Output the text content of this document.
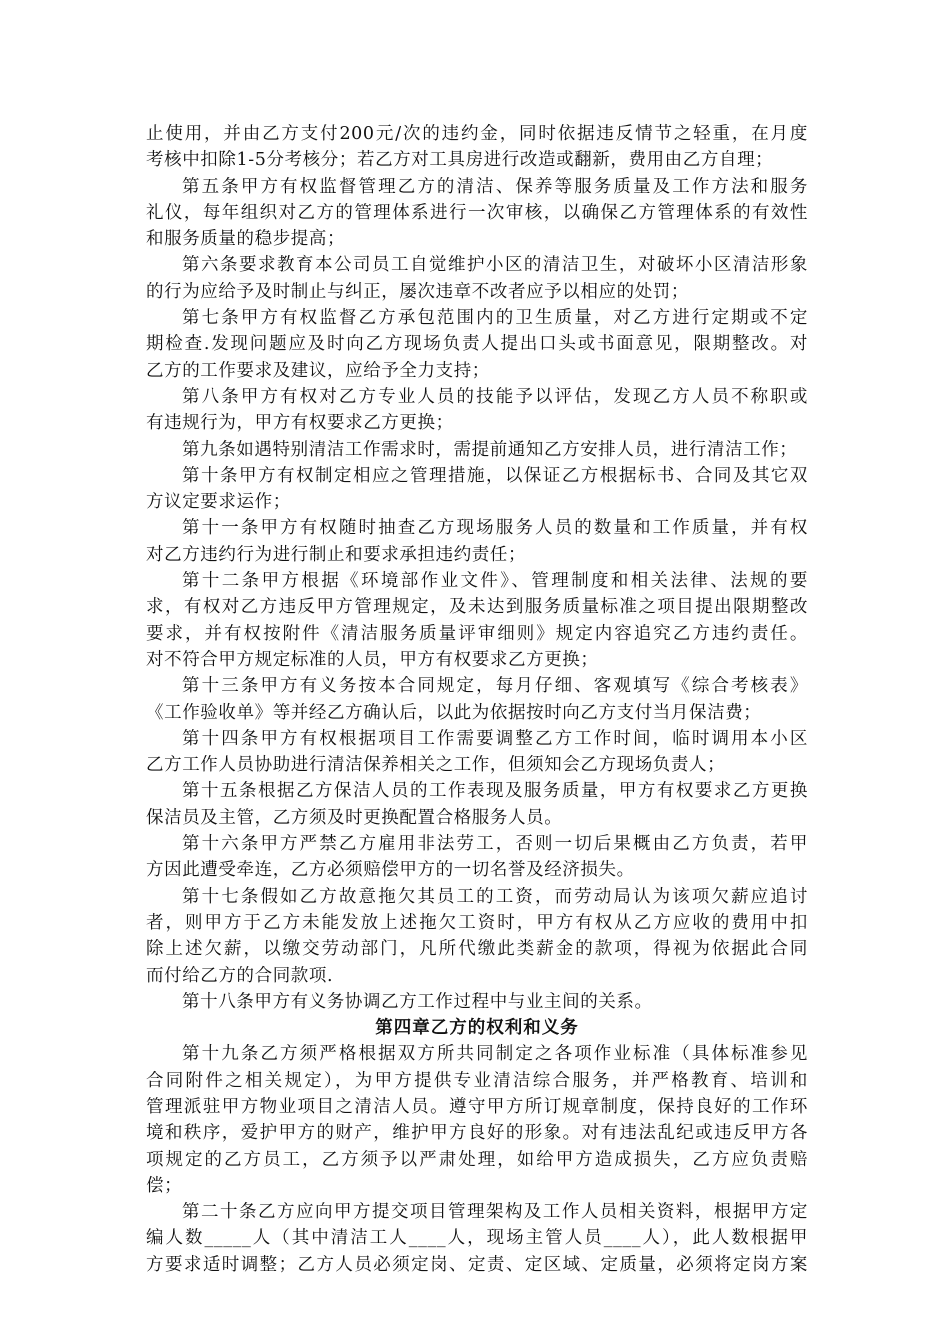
止使用，并由乙方支付200元/次的违约金，同时依据违反情节之轻重，在月度
考核中扣除1-5分考核分；若乙方对工具房进行改造或翻新，费用由乙方自理；
第五条甲方有权监督管理乙方的清洁、保养等服务质量及工作方法和服务
礼仪，每年组织对乙方的管理体系进行一次审核，以确保乙方管理体系的有效性
和服务质量的稳步提高；
第六条要求教育本公司员工自觉维护小区的清洁卫生，对破坏小区清洁形象
的行为应给予及时制止与纠正，屡次违章不改者应予以相应的处罚；
第七条甲方有权监督乙方承包范围内的卫生质量，对乙方进行定期或不定
期检查.发现问题应及时向乙方现场负责人提出口头或书面意见，限期整改。对
乙方的工作要求及建议，应给予全力支持；
第八条甲方有权对乙方专业人员的技能予以评估，发现乙方人员不称职或
有违规行为，甲方有权要求乙方更换；
第九条如遇特别清洁工作需求时，需提前通知乙方安排人员，进行清洁工作；
第十条甲方有权制定相应之管理措施，以保证乙方根据标书、合同及其它双
方议定要求运作；
第十一条甲方有权随时抽查乙方现场服务人员的数量和工作质量，并有权
对乙方违约行为进行制止和要求承担违约责任；
第十二条甲方根据《环境部作业文件》、管理制度和相关法律、法规的要
求，有权对乙方违反甲方管理规定，及未达到服务质量标准之项目提出限期整改
要求，并有权按附件《清洁服务质量评审细则》规定内容追究乙方违约责任。
对不符合甲方规定标准的人员，甲方有权要求乙方更换；
第十三条甲方有义务按本合同规定，每月仔细、客观填写《综合考核表》
《工作验收单》等并经乙方确认后，以此为依据按时向乙方支付当月保洁费；
第十四条甲方有权根据项目工作需要调整乙方工作时间，临时调用本小区
乙方工作人员协助进行清洁保养相关之工作，但须知会乙方现场负责人；
第十五条根据乙方保洁人员的工作表现及服务质量，甲方有权要求乙方更换
保洁员及主管，乙方须及时更换配置合格服务人员。
第十六条甲方严禁乙方雇用非法劳工，否则一切后果概由乙方负责，若甲
方因此遭受牵连，乙方必须赔偿甲方的一切名誉及经济损失。
第十七条假如乙方故意拖欠其员工的工资，而劳动局认为该项欠薪应追讨
者，则甲方于乙方未能发放上述拖欠工资时，甲方有权从乙方应收的费用中扣
除上述欠薪，以缴交劳动部门，凡所代缴此类薪金的款项，得视为依据此合同
而付给乙方的合同款项.
第十八条甲方有义务协调乙方工作过程中与业主间的关系。
第四章乙方的权利和义务
第十九条乙方须严格根据双方所共同制定之各项作业标准（具体标准参见
合同附件之相关规定），为甲方提供专业清洁综合服务，并严格教育、培训和
管理派驻甲方物业项目之清洁人员。遵守甲方所订规章制度，保持良好的工作环
境和秩序，爱护甲方的财产，维护甲方良好的形象。对有违法乱纪或违反甲方各
项规定的乙方员工，乙方须予以严肃处理，如给甲方造成损失，乙方应负责赔
偿；
第二十条乙方应向甲方提交项目管理架构及工作人员相关资料，根据甲方定
编人数_____人（其中清洁工人____人，现场主管人员____人），此人数根据甲
方要求适时调整；乙方人员必须定岗、定责、定区域、定质量，必须将定岗方案
